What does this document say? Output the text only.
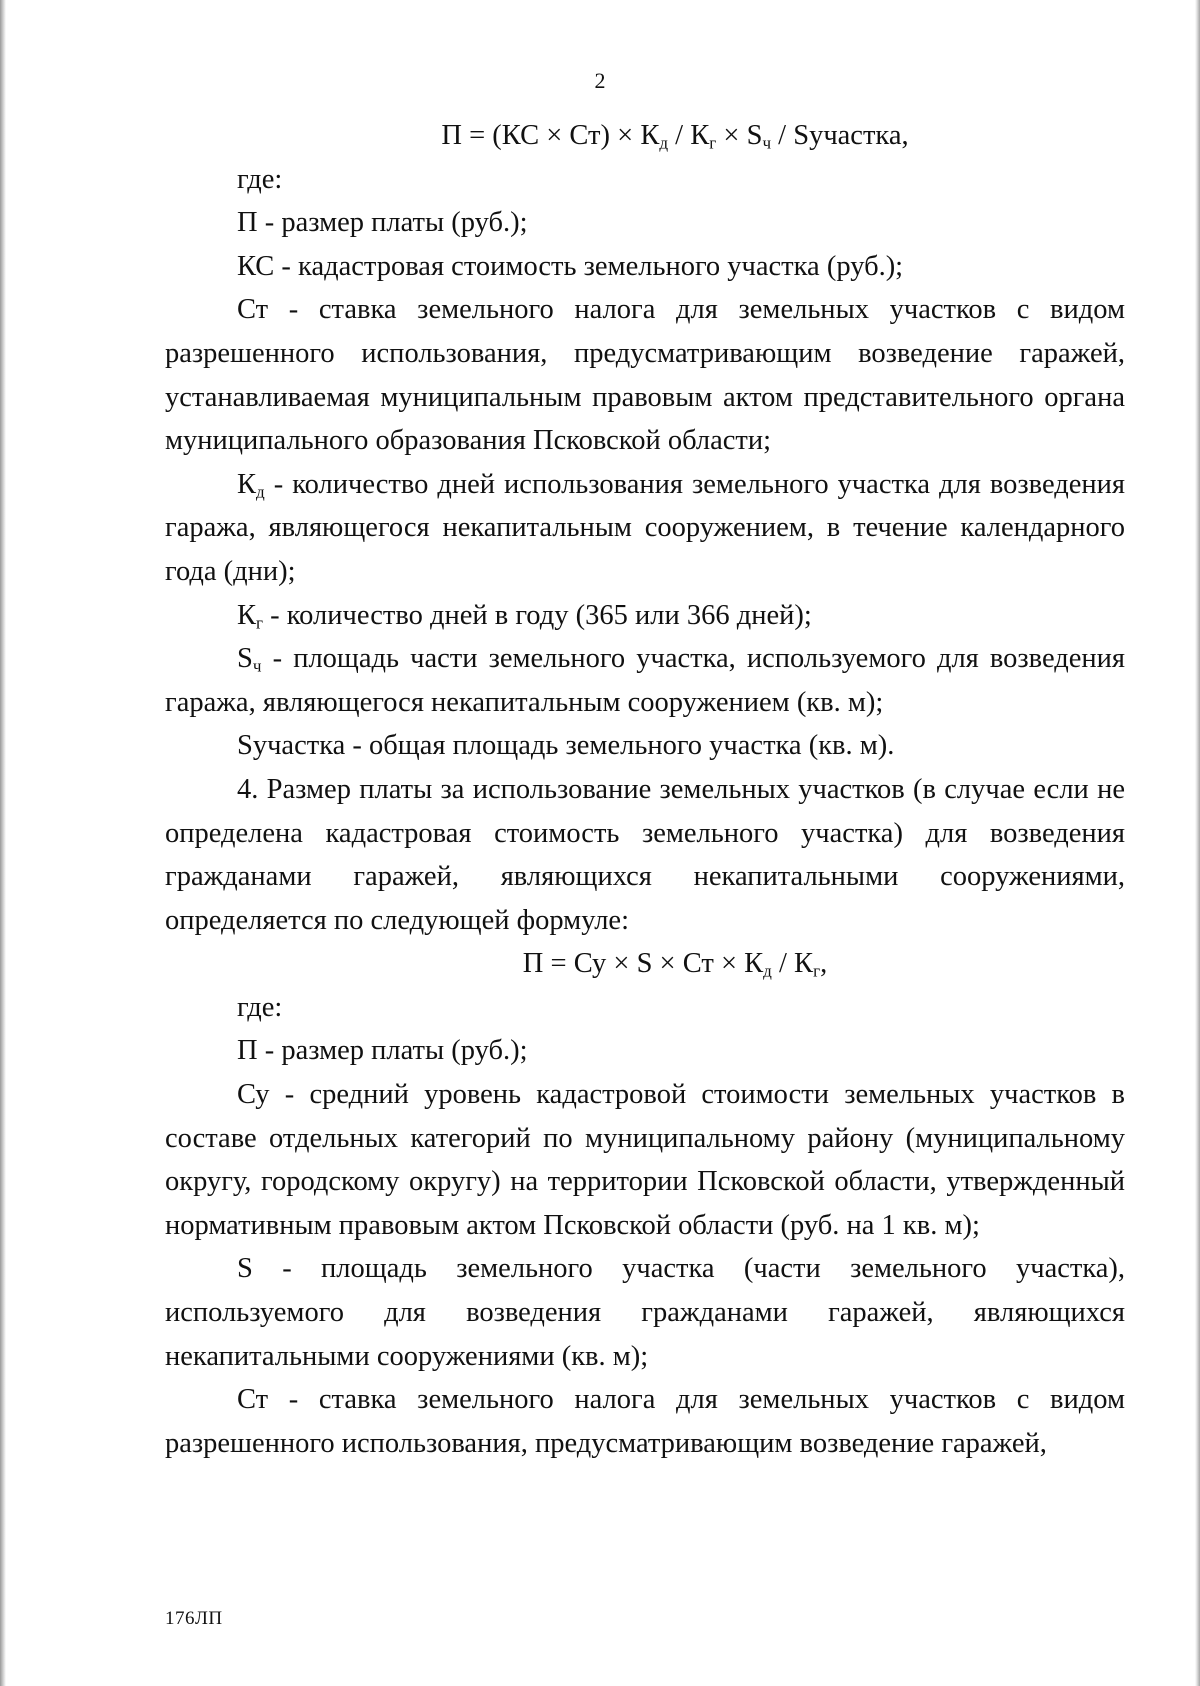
2

$П = (КС \times Ст) \times К_д / К_г \times S_ч$ / Sучастка,

где:

П - размер платы (руб.);

КС - кадастровая стоимость земельного участка (руб.);

Ст - ставка земельного налога для земельных участков с видом разрешенного использования, предусматривающим возведение гаражей, устанавливаемая муниципальным правовым актом представительного органа муниципального образования Псковской области;

$К_д$ - количество дней использования земельного участка для возведения гаража, являющегося некапитальным сооружением, в течение календарного года (дни);

$К_г$ - количество дней в году (365 или 366 дней);

$S_ч$ - площадь части земельного участка, используемого для возведения гаража, являющегося некапитальным сооружением (кв. м);

Sучастка - общая площадь земельного участка (кв. м).

4. Размер платы за использование земельных участков (в случае если не определена кадастровая стоимость земельного участка) для возведения гражданами гаражей, являющихся некапитальными сооружениями, определяется по следующей формуле:

П = Су × S × Ст × $К_д / К_г$,

где:

П - размер платы (руб.);

Су - средний уровень кадастровой стоимости земельных участков в составе отдельных категорий по муниципальному району (муниципальному округу, городскому округу) на территории Псковской области, утвержденный нормативным правовым актом Псковской области (руб. на 1 кв. м);

S - площадь земельного участка (части земельного участка), используемого для возведения гражданами гаражей, являющихся некапитальными сооружениями (кв. м);

Ст - ставка земельного налога для земельных участков с видом разрешенного использования, предусматривающим возведение гаражей,

176ЛП
